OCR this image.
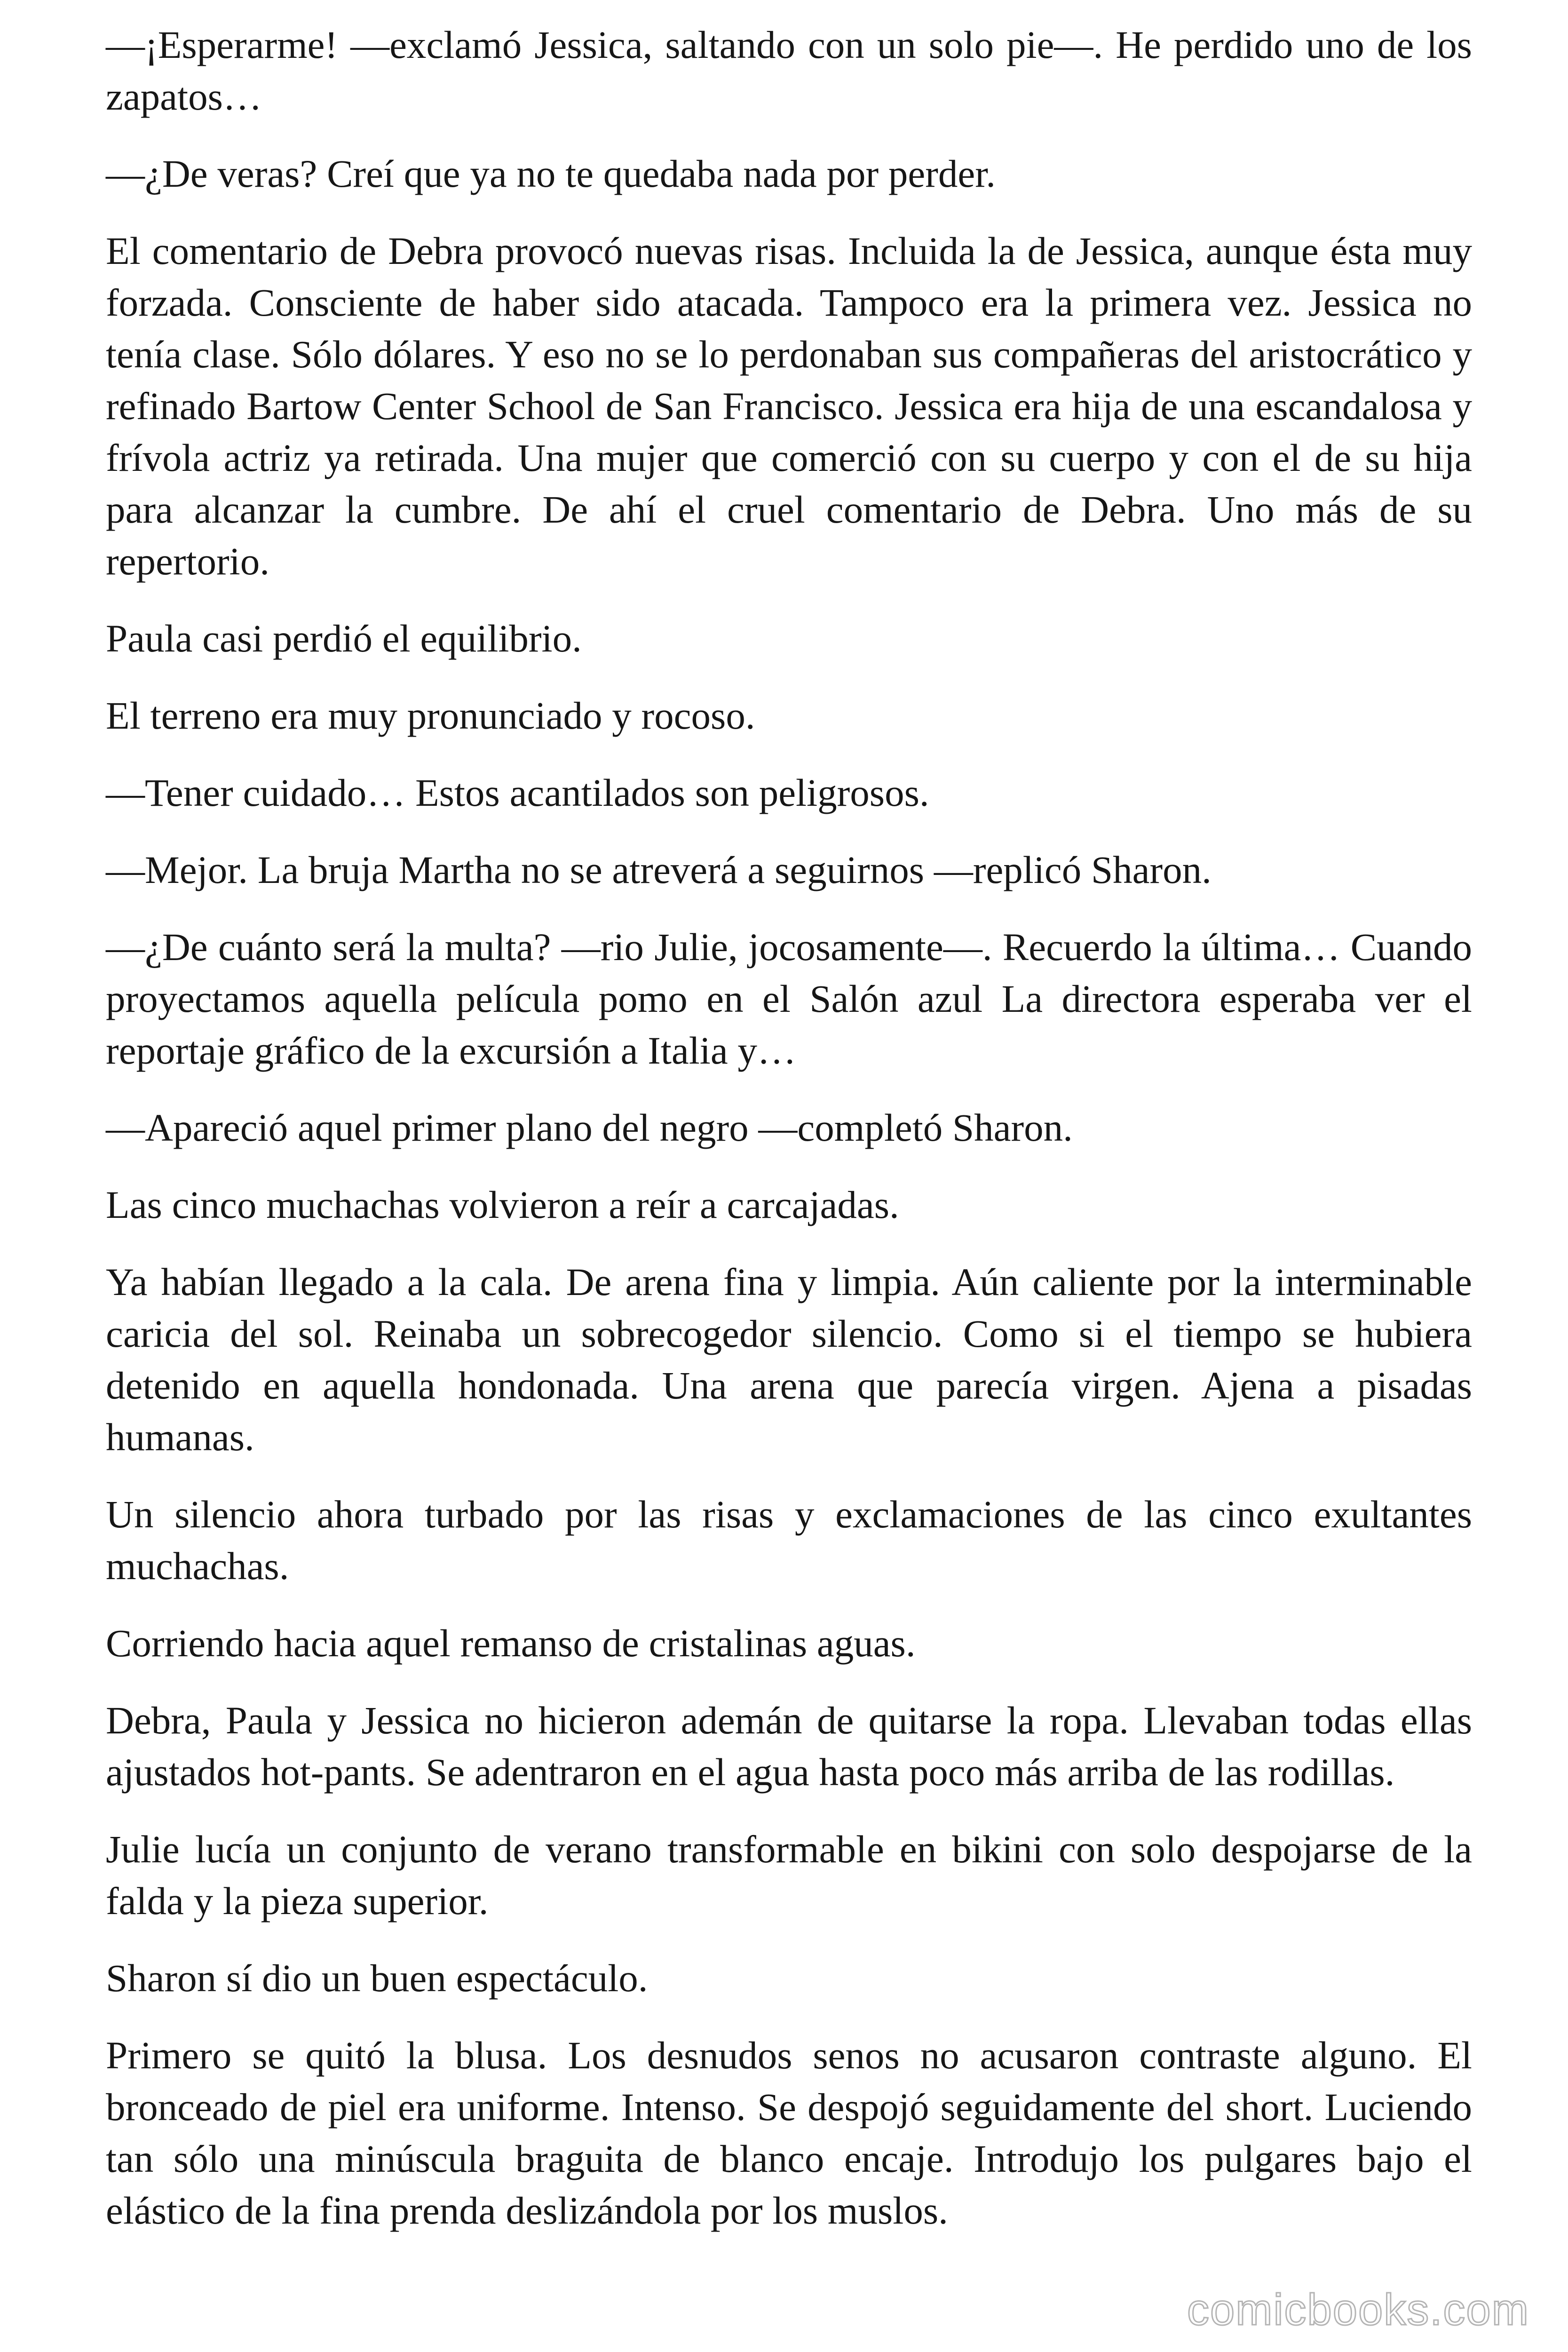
—¡Esperarme! —exclamó Jessica, saltando con un solo pie—. He perdido uno de los zapatos…

—¿De veras? Creí que ya no te quedaba nada por perder.

El comentario de Debra provocó nuevas risas. Incluida la de Jessica, aunque ésta muy forzada. Consciente de haber sido atacada. Tampoco era la primera vez. Jessica no tenía clase. Sólo dólares. Y eso no se lo perdonaban sus compañeras del aristocrático y refinado Bartow Center School de San Francisco. Jessica era hija de una escandalosa y frívola actriz ya retirada. Una mujer que comerció con su cuerpo y con el de su hija para alcanzar la cumbre. De ahí el cruel comentario de Debra. Uno más de su repertorio.

Paula casi perdió el equilibrio.

El terreno era muy pronunciado y rocoso.

—Tener cuidado… Estos acantilados son peligrosos.

—Mejor. La bruja Martha no se atreverá a seguirnos —replicó Sharon.

—¿De cuánto será la multa? —rio Julie, jocosamente—. Recuerdo la última… Cuando proyectamos aquella película pomo en el Salón azul La directora esperaba ver el reportaje gráfico de la excursión a Italia y…

—Apareció aquel primer plano del negro —completó Sharon.

Las cinco muchachas volvieron a reír a carcajadas.

Ya habían llegado a la cala. De arena fina y limpia. Aún caliente por la interminable caricia del sol. Reinaba un sobrecogedor silencio. Como si el tiempo se hubiera detenido en aquella hondonada. Una arena que parecía virgen. Ajena a pisadas humanas.

Un silencio ahora turbado por las risas y exclamaciones de las cinco exultantes muchachas.

Corriendo hacia aquel remanso de cristalinas aguas.

Debra, Paula y Jessica no hicieron ademán de quitarse la ropa. Llevaban todas ellas ajustados hot-pants. Se adentraron en el agua hasta poco más arriba de las rodillas.

Julie lucía un conjunto de verano transformable en bikini con solo despojarse de la falda y la pieza superior.

Sharon sí dio un buen espectáculo.

Primero se quitó la blusa. Los desnudos senos no acusaron contraste alguno. El bronceado de piel era uniforme. Intenso. Se despojó seguidamente del short. Luciendo tan sólo una minúscula braguita de blanco encaje. Introdujo los pulgares bajo el elástico de la fina prenda deslizándola por los muslos.

comicbooks.com
